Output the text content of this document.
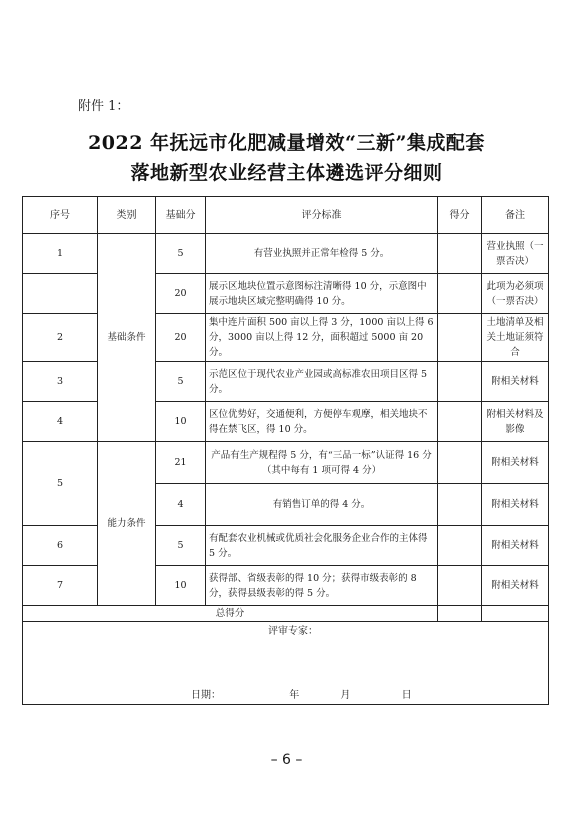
附件 1：
2022 年抚远市化肥减量增效“三新”集成配套
落地新型农业经营主体遴选评分细则
序号	类别	基础分	评分标准	得分	备注
1	基础条件	5	有营业执照并正常年检得 5 分。		营业执照（一票否决）
		20	展示区地块位置示意图标注清晰得 10 分，示意图中展示地块区域完整明确得 10 分。		此项为必须项（一票否决）
2		20	集中连片面积 500 亩以上得 3 分，1000 亩以上得 6 分，3000 亩以上得 12 分，面积超过 5000 亩 20 分。		土地清单及相关土地证须符合
3		5	示范区位于现代农业产业园或高标准农田项目区得 5 分。		附相关材料
4		10	区位优势好，交通便利，方便停车观摩，相关地块不得在禁飞区，得 10 分。		附相关材料及影像
5	能力条件	21	产品有生产规程得 5 分，有“三品一标”认证得 16 分（其中每有 1 项可得 4 分）		附相关材料
		4	有销售订单的得 4 分。		附相关材料
6		5	有配套农业机械或优质社会化服务企业合作的主体得 5 分。		附相关材料
7		10	获得部、省级表彰的得 10 分；获得市级表彰的 8 分，获得县级表彰的得 5 分。		附相关材料
总得分					

评审专家：
日期： 年 月 日					
– 6 –
